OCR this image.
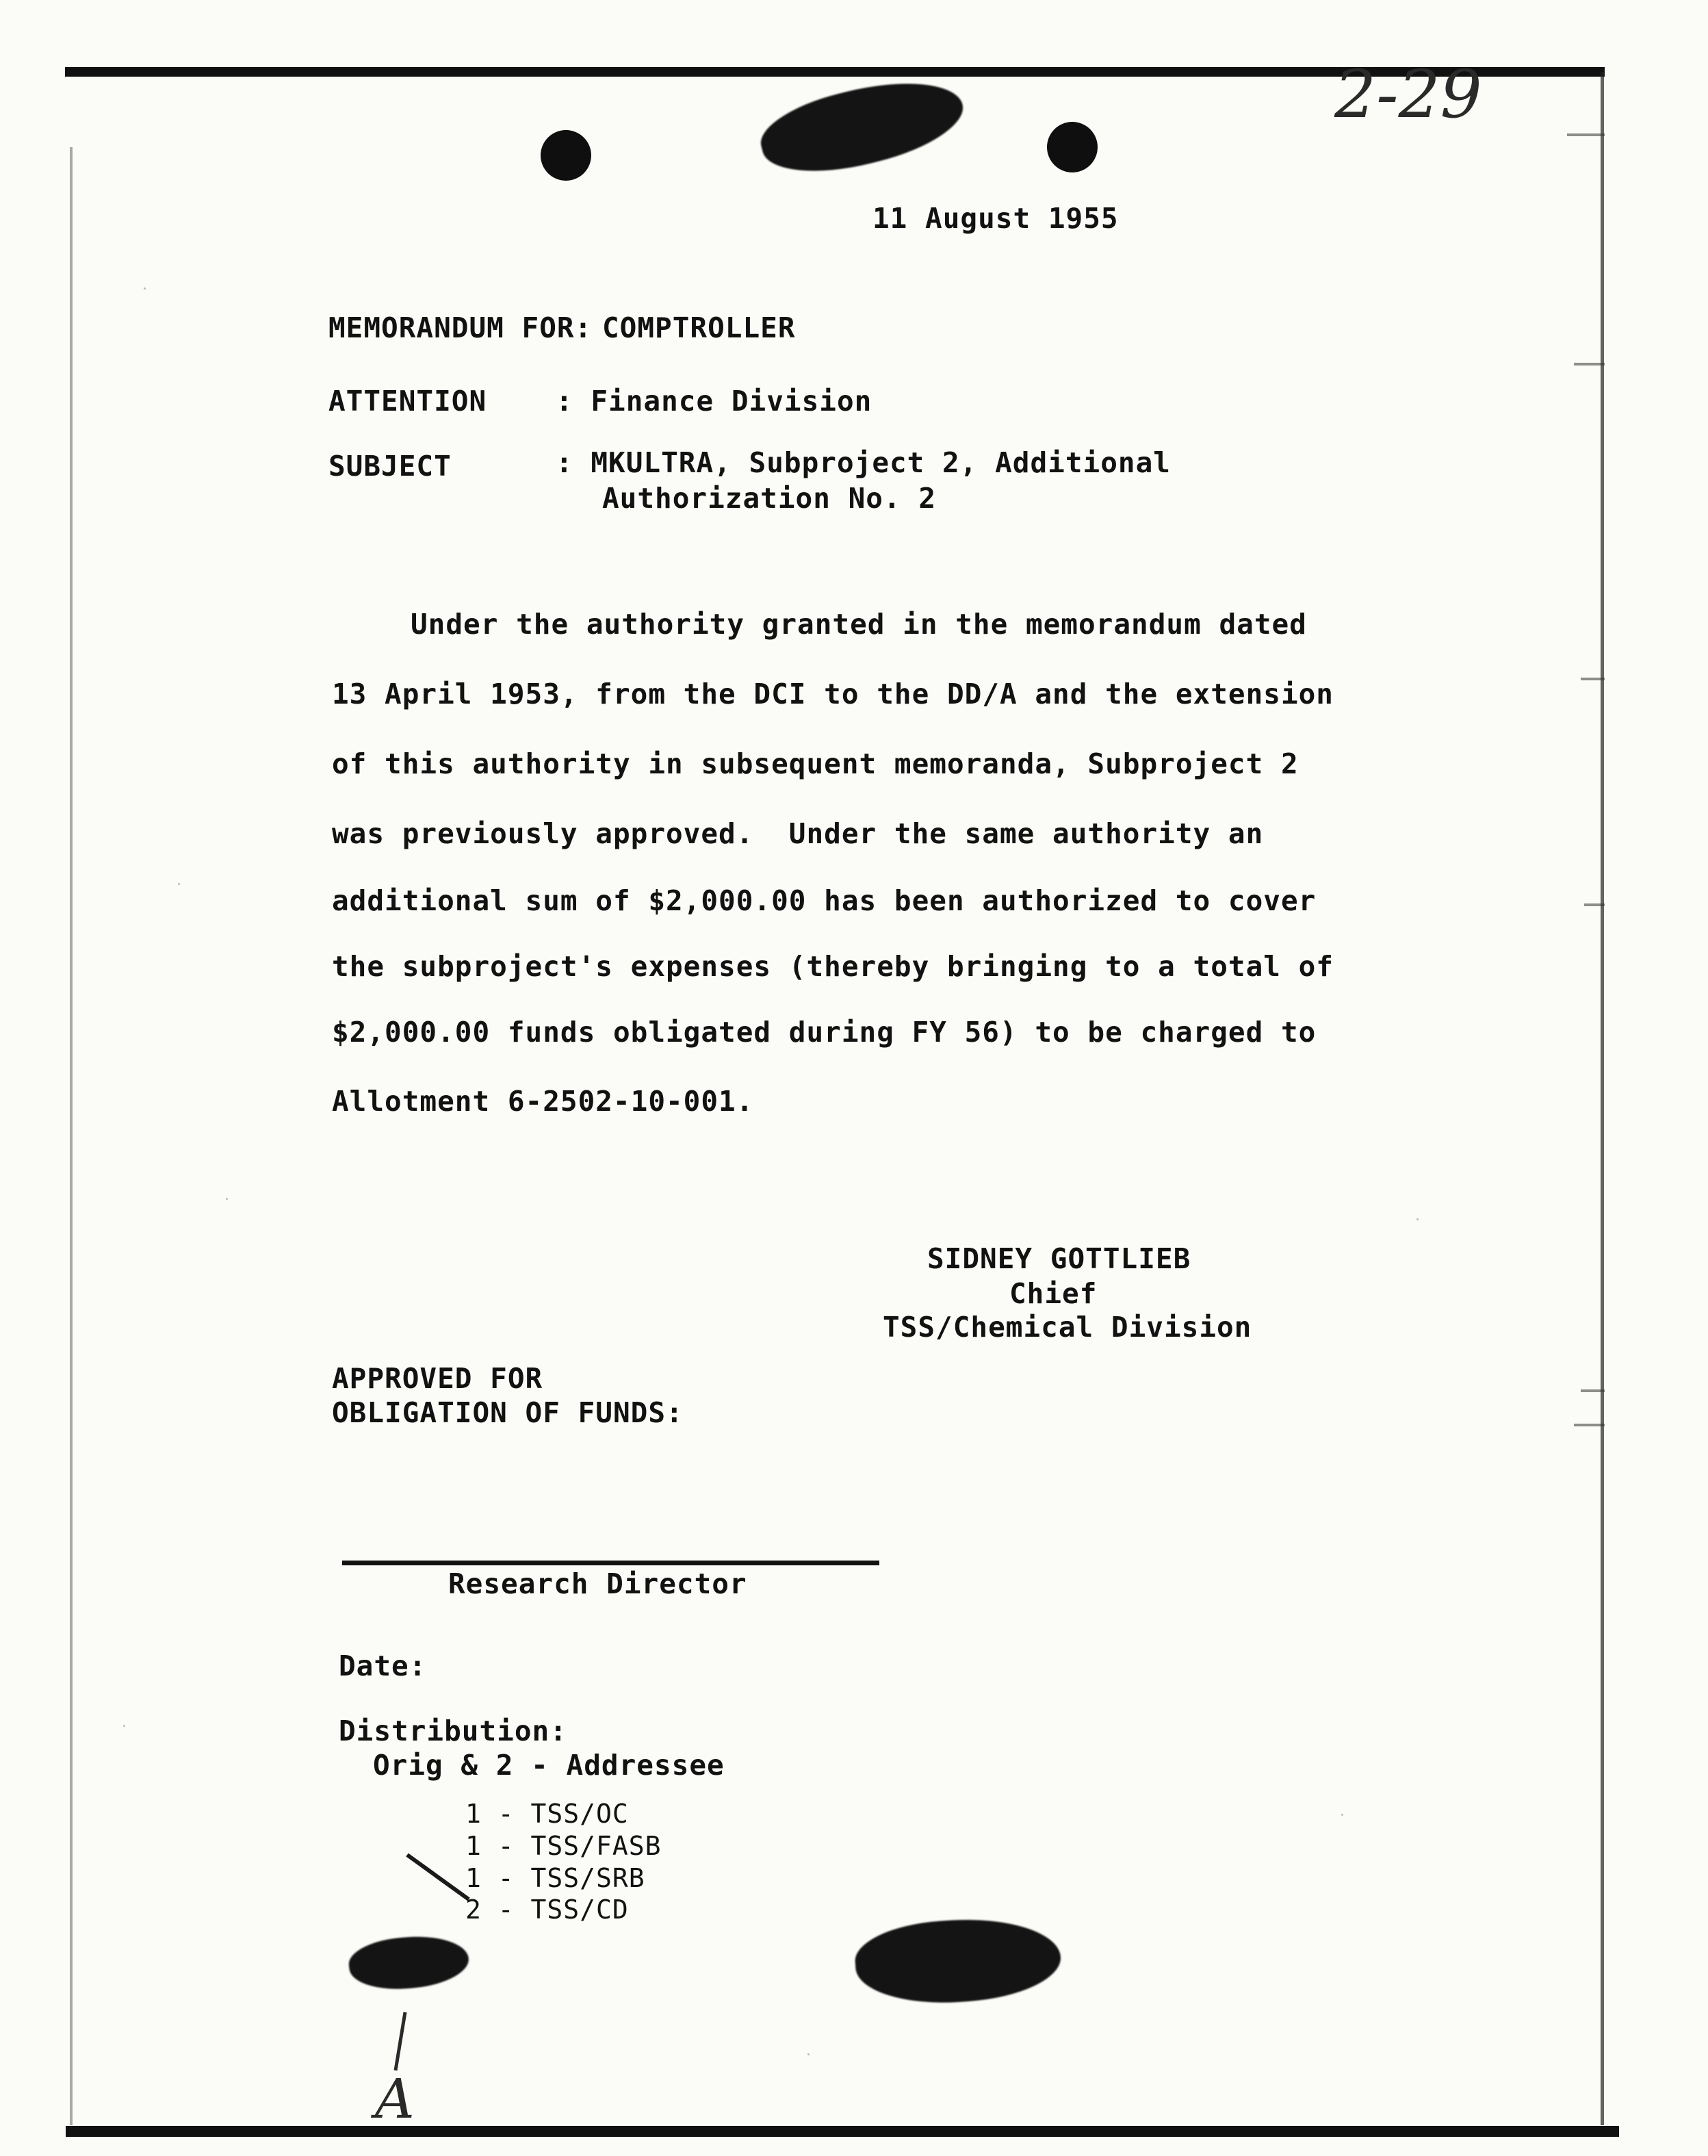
2-29
11 August 1955
MEMORANDUM FOR: COMPTROLLER
ATTENTION : Finance Division
SUBJECT	: MKULTRA, Subproject 2, Additional
Authorization No. 2
Under the authority granted in the memorandum dated
13 April 1953, from the DCI to the DD/A and the extension
of this authority in subsequent memoranda, Subproject 2
was previously approved.  Under the same authority an
additional sum of $2,000.00 has been authorized to cover
the subproject's expenses (thereby bringing to a total of
$2,000.00 funds obligated during FY 56) to be charged to
Allotment 6-2502-10-001.
SIDNEY GOTTLIEB
Chief
TSS/Chemical Division
APPROVED FOR
OBLIGATION OF FUNDS:
Research Director
Date:
Distribution:
Orig & 2 - Addressee
1 - TSS/OC
1 - TSS/FASB
1 - TSS/SRB
2 - TSS/CD
A
